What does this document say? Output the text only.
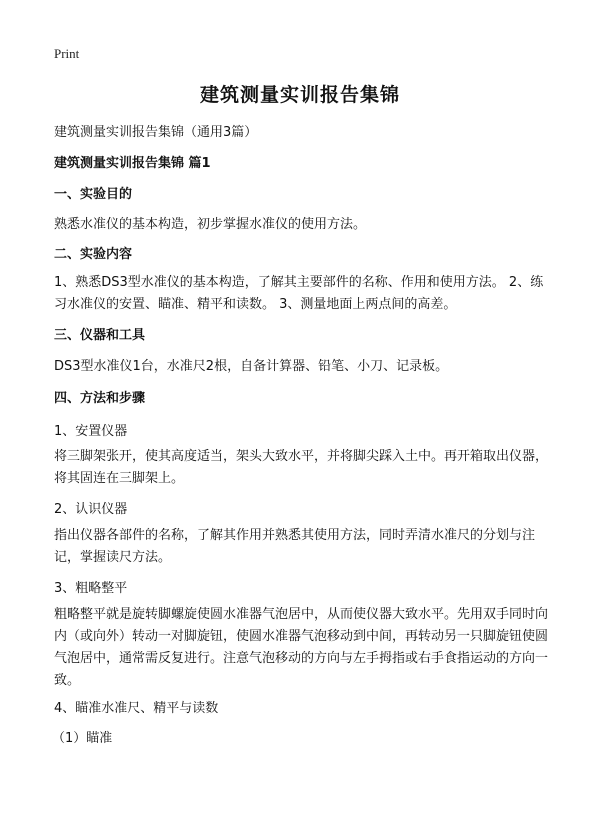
Print
建筑测量实训报告集锦
建筑测量实训报告集锦（通用3篇）
建筑测量实训报告集锦 篇1
一、实验目的
熟悉水准仪的基本构造，初步掌握水准仪的使用方法。
二、实验内容
1、熟悉DS3型水准仪的基本构造，了解其主要部件的名称、作用和使用方法。 2、练习水准仪的安置、瞄准、精平和读数。 3、测量地面上两点间的高差。
三、仪器和工具
DS3型水准仪1台，水准尺2根，自备计算器、铅笔、小刀、记录板。
四、方法和步骤
1、安置仪器
将三脚架张开，使其高度适当，架头大致水平，并将脚尖踩入土中。再开箱取出仪器，将其固连在三脚架上。
2、认识仪器
指出仪器各部件的名称，了解其作用并熟悉其使用方法，同时弄清水准尺的分划与注记，掌握读尺方法。
3、粗略整平
粗略整平就是旋转脚螺旋使圆水准器气泡居中，从而使仪器大致水平。先用双手同时向内（或向外）转动一对脚旋钮，使圆水准器气泡移动到中间，再转动另一只脚旋钮使圆气泡居中，通常需反复进行。注意气泡移动的方向与左手拇指或右手食指运动的方向一致。
4、瞄准水准尺、精平与读数
（1）瞄准
